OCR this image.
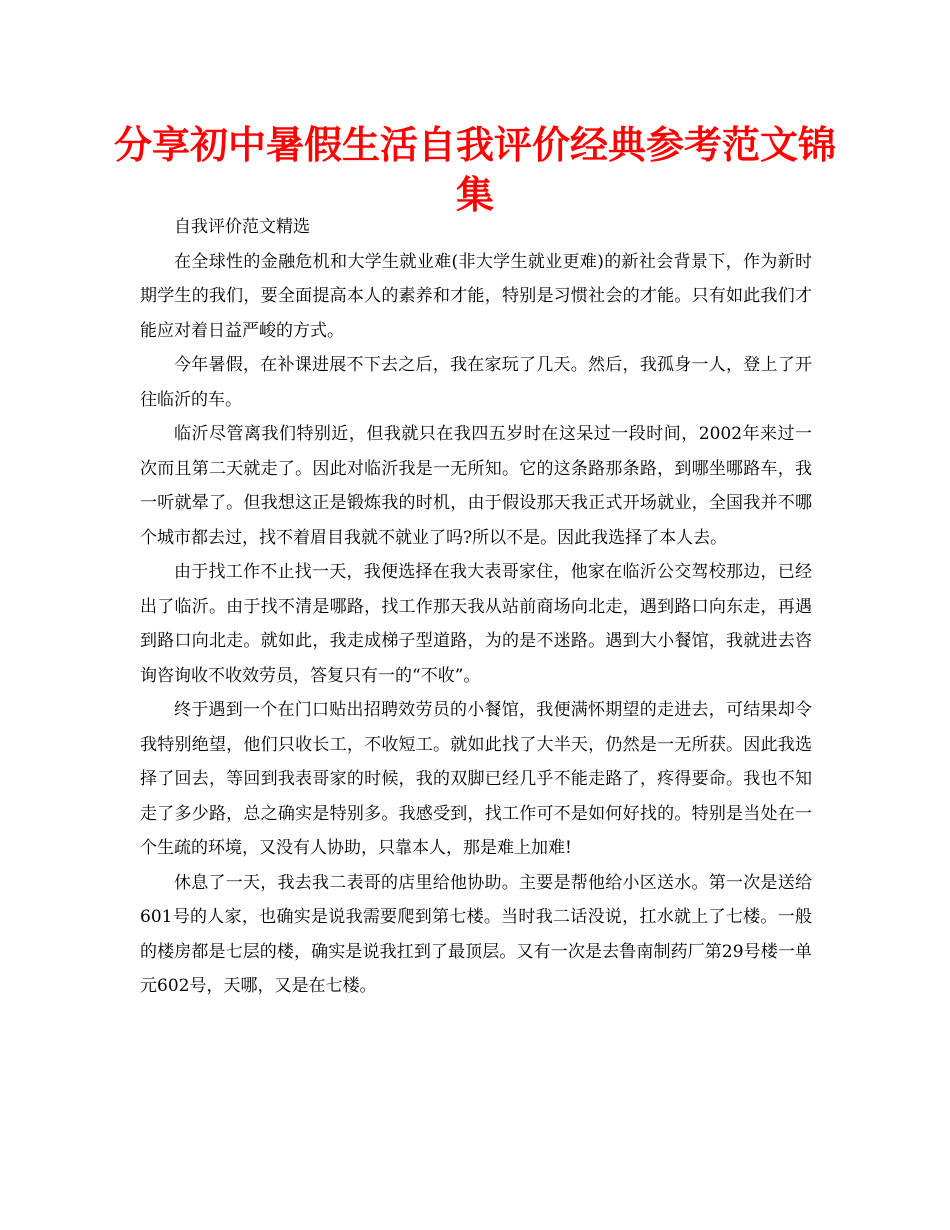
分享初中暑假生活自我评价经典参考范文锦集

自我评价范文精选

在全球性的金融危机和大学生就业难(非大学生就业更难)的新社会背景下，作为新时期学生的我们，要全面提高本人的素养和才能，特别是习惯社会的才能。只有如此我们才能应对着日益严峻的方式。

今年暑假，在补课进展不下去之后，我在家玩了几天。然后，我孤身一人，登上了开往临沂的车。

临沂尽管离我们特别近，但我就只在我四五岁时在这呆过一段时间，2002年来过一次而且第二天就走了。因此对临沂我是一无所知。它的这条路那条路，到哪坐哪路车，我一听就晕了。但我想这正是锻炼我的时机，由于假设那天我正式开场就业，全国我并不哪个城市都去过，找不着眉目我就不就业了吗?所以不是。因此我选择了本人去。

由于找工作不止找一天，我便选择在我大表哥家住，他家在临沂公交驾校那边，已经出了临沂。由于找不清是哪路，找工作那天我从站前商场向北走，遇到路口向东走，再遇到路口向北走。就如此，我走成梯子型道路，为的是不迷路。遇到大小餐馆，我就进去咨询咨询收不收效劳员，答复只有一的“不收”。

终于遇到一个在门口贴出招聘效劳员的小餐馆，我便满怀期望的走进去，可结果却令我特别绝望，他们只收长工，不收短工。就如此找了大半天，仍然是一无所获。因此我选择了回去，等回到我表哥家的时候，我的双脚已经几乎不能走路了，疼得要命。我也不知走了多少路，总之确实是特别多。我感受到，找工作可不是如何好找的。特别是当处在一个生疏的环境，又没有人协助，只靠本人，那是难上加难!

休息了一天，我去我二表哥的店里给他协助。主要是帮他给小区送水。第一次是送给601号的人家，也确实是说我需要爬到第七楼。当时我二话没说，扛水就上了七楼。一般的楼房都是七层的楼，确实是说我扛到了最顶层。又有一次是去鲁南制药厂第29号楼一单元602号，天哪，又是在七楼。
